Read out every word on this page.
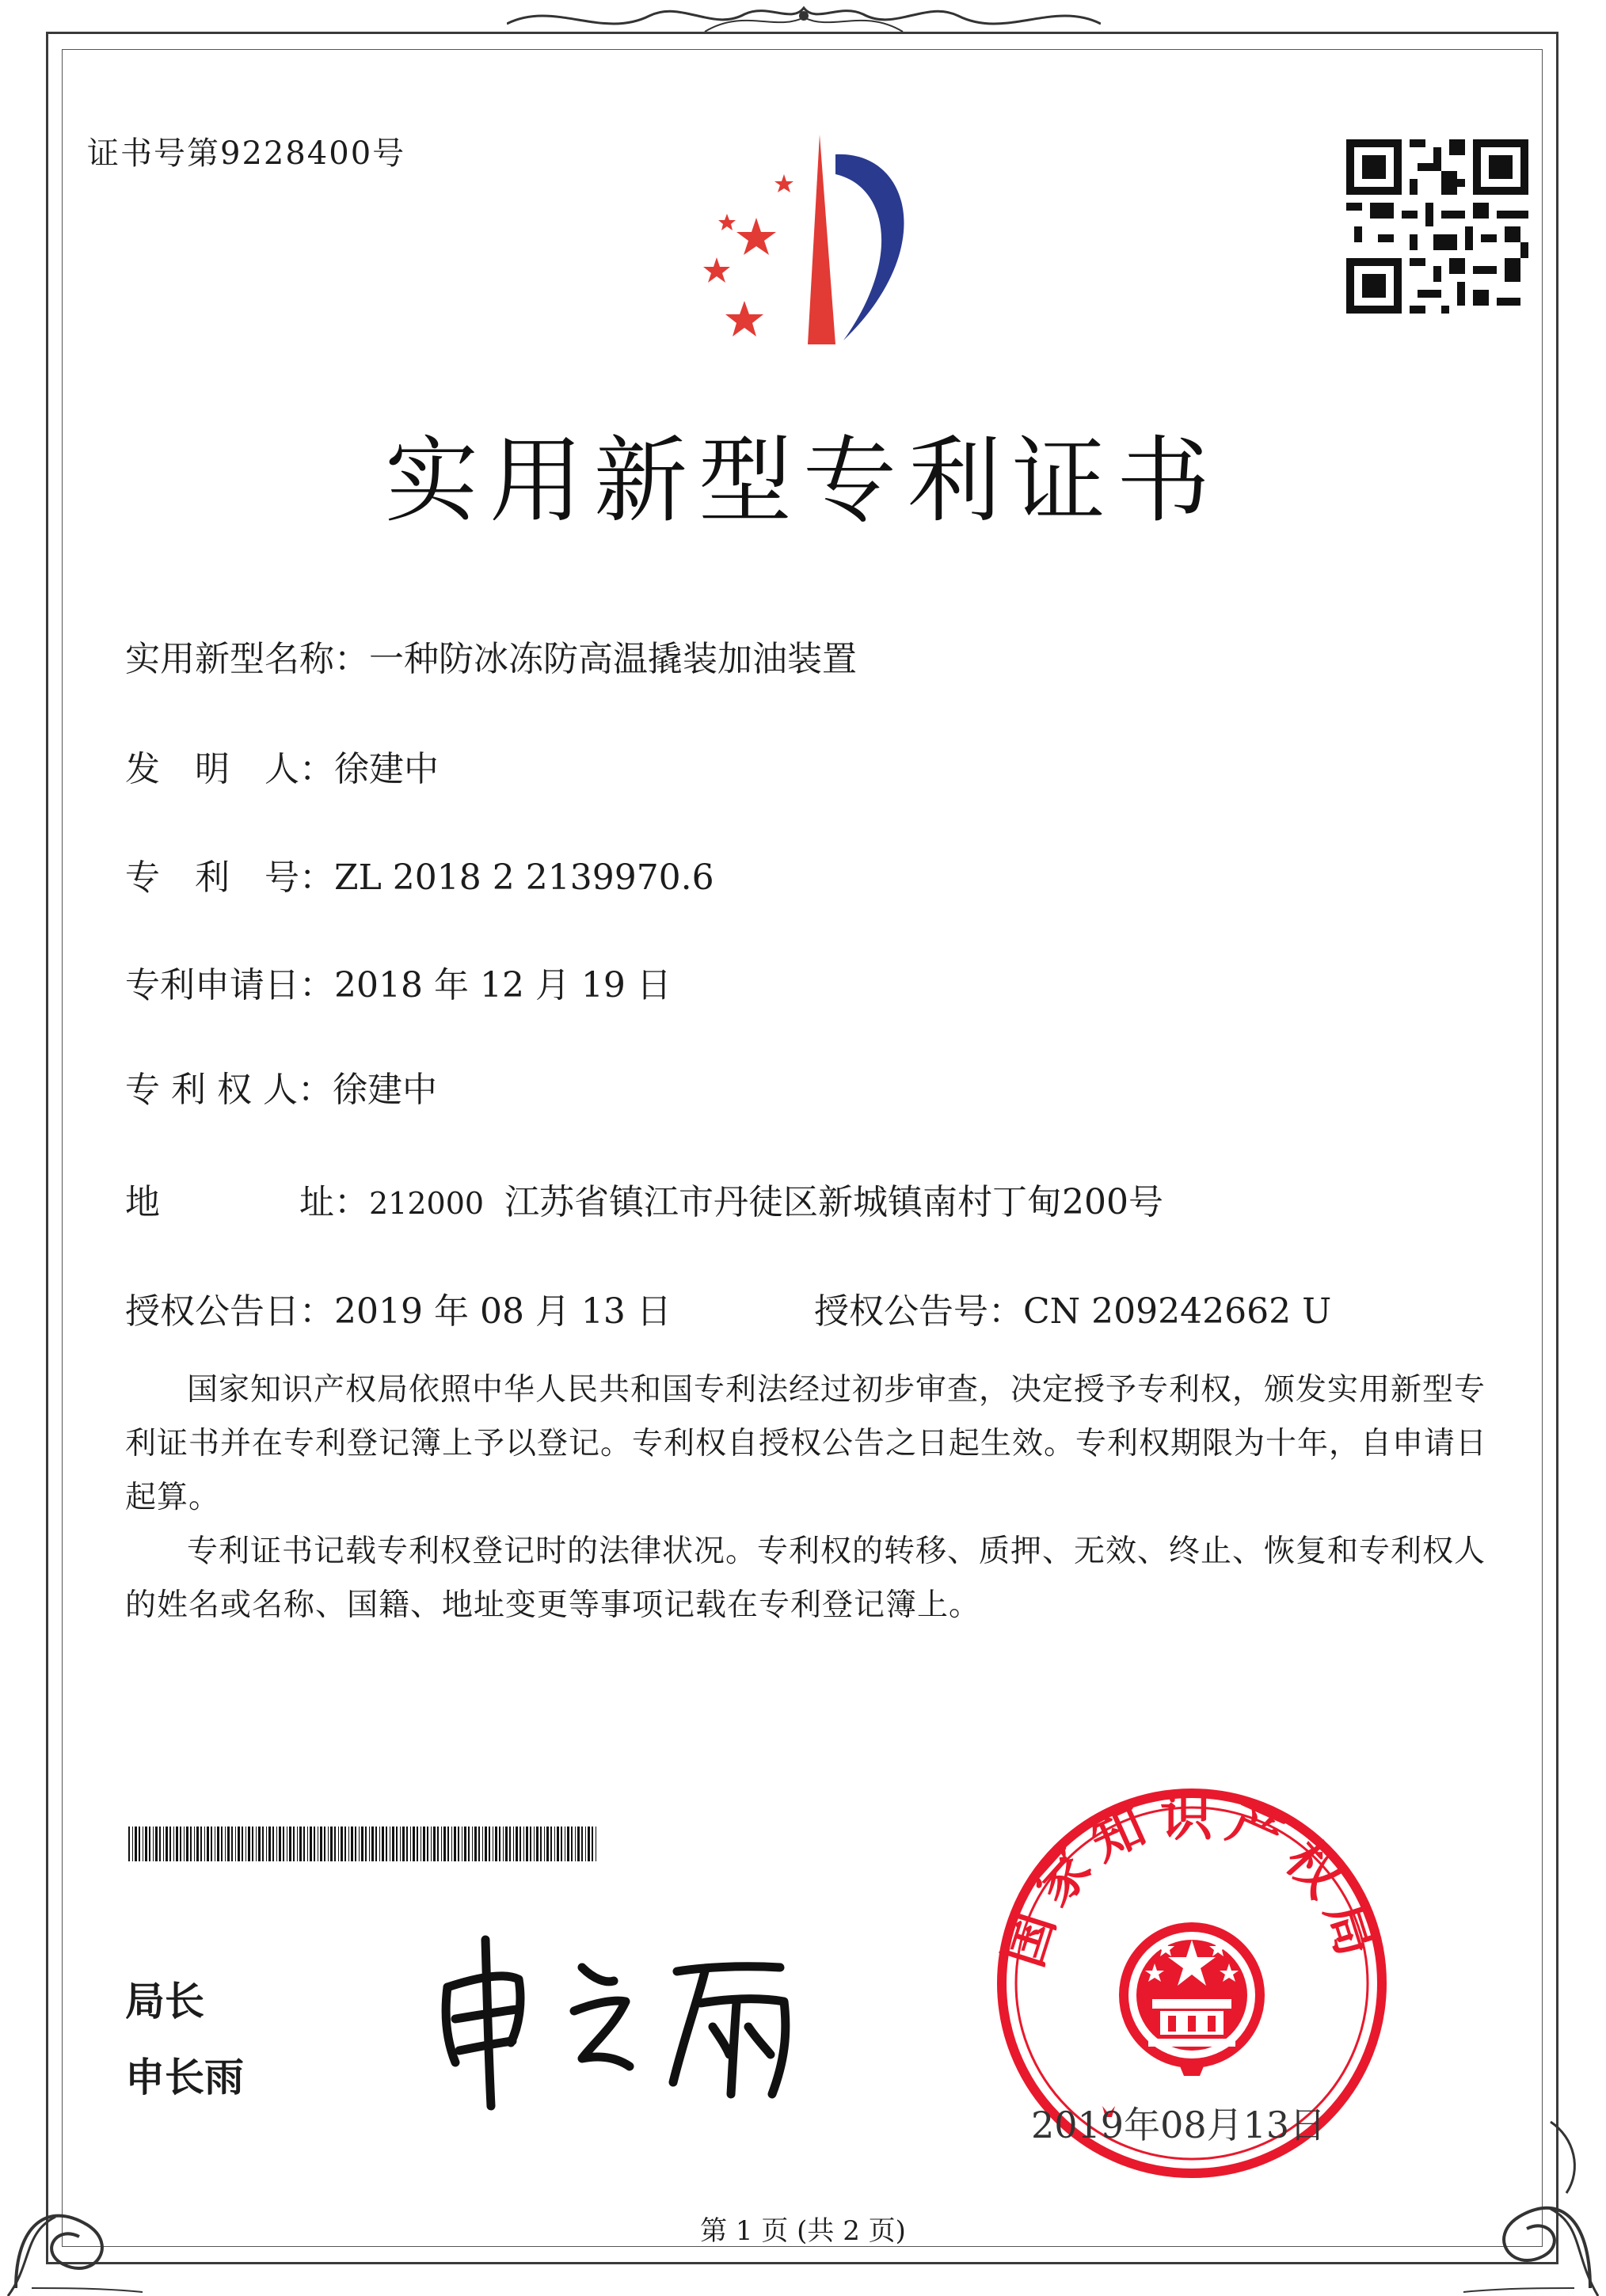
证书号第9228400号
实用新型专利证书
实用新型名称：一种防冰冻防高温撬装加油装置
发　明　人：徐建中
专　利　号：ZL 2018 2 2139970.6
专利申请日：2018 年 12 月 19 日
专 利 权 人：徐建中
地	址：212000 江苏省镇江市丹徒区新城镇南村丁甸200号
授权公告日：2019 年 08 月 13 日	授权公告号：CN 209242662 U

国家知识产权局依照中华人民共和国专利法经过初步审查，决定授予专利权，颁发实用新型专利证书并在专利登记簿上予以登记。专利权自授权公告之日起生效。专利权期限为十年，自申请日起算。

专利证书记载专利权登记时的法律状况。专利权的转移、质押、无效、终止、恢复和专利权人的姓名或名称、国籍、地址变更等事项记载在专利登记簿上。

局长
申长雨
国家知识产权局
2019年08月13日
第 1 页 (共 2 页)
